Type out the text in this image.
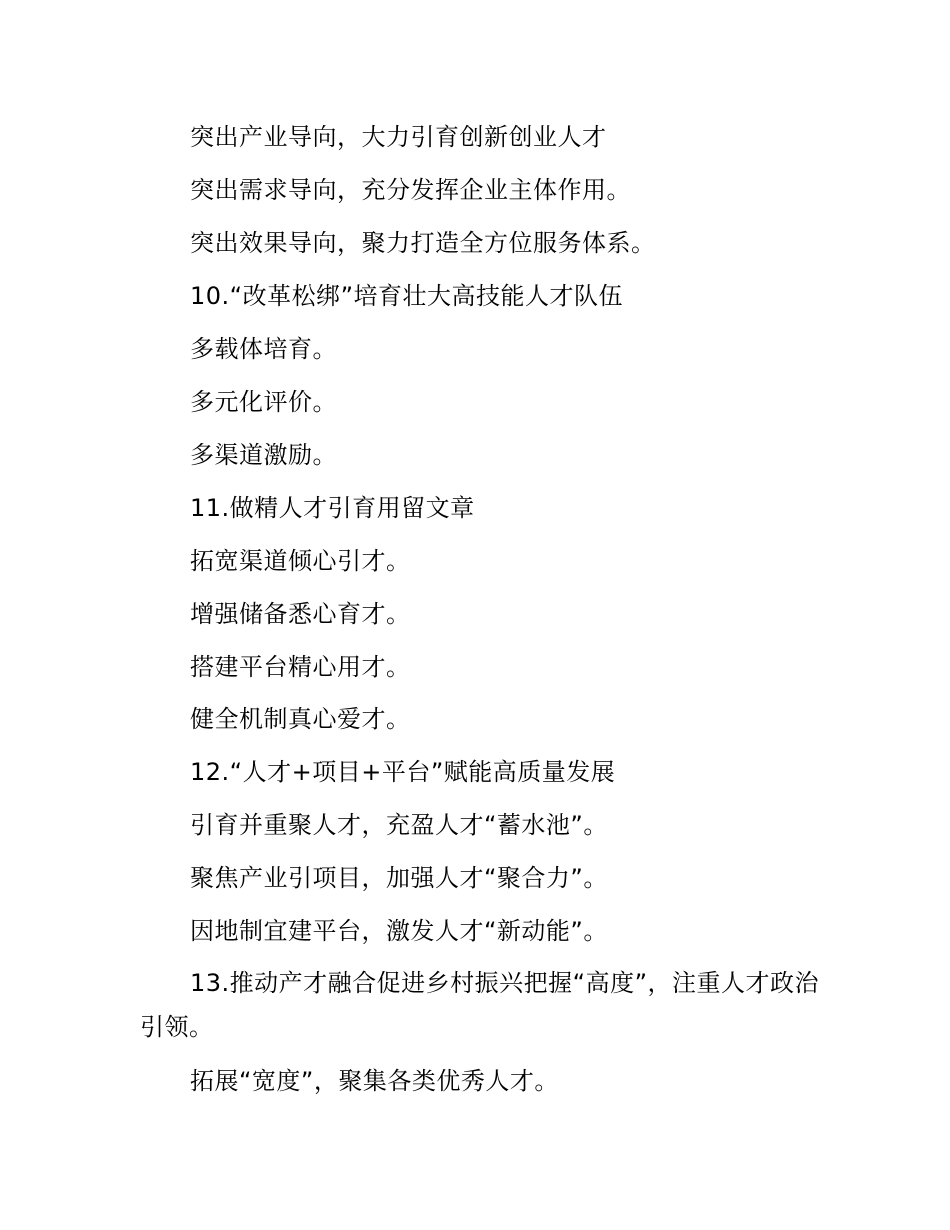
突出产业导向，大力引育创新创业人才
突出需求导向，充分发挥企业主体作用。
突出效果导向，聚力打造全方位服务体系。
10.“改革松绑”培育壮大高技能人才队伍
多载体培育。
多元化评价。
多渠道激励。
11.做精人才引育用留文章
拓宽渠道倾心引才。
增强储备悉心育才。
搭建平台精心用才。
健全机制真心爱才。
12.“人才+项目+平台”赋能高质量发展
引育并重聚人才，充盈人才“蓄水池”。
聚焦产业引项目，加强人才“聚合力”。
因地制宜建平台，激发人才“新动能”。
13.推动产才融合促进乡村振兴把握“高度”，注重人才政治引领。
拓展“宽度”，聚集各类优秀人才。
